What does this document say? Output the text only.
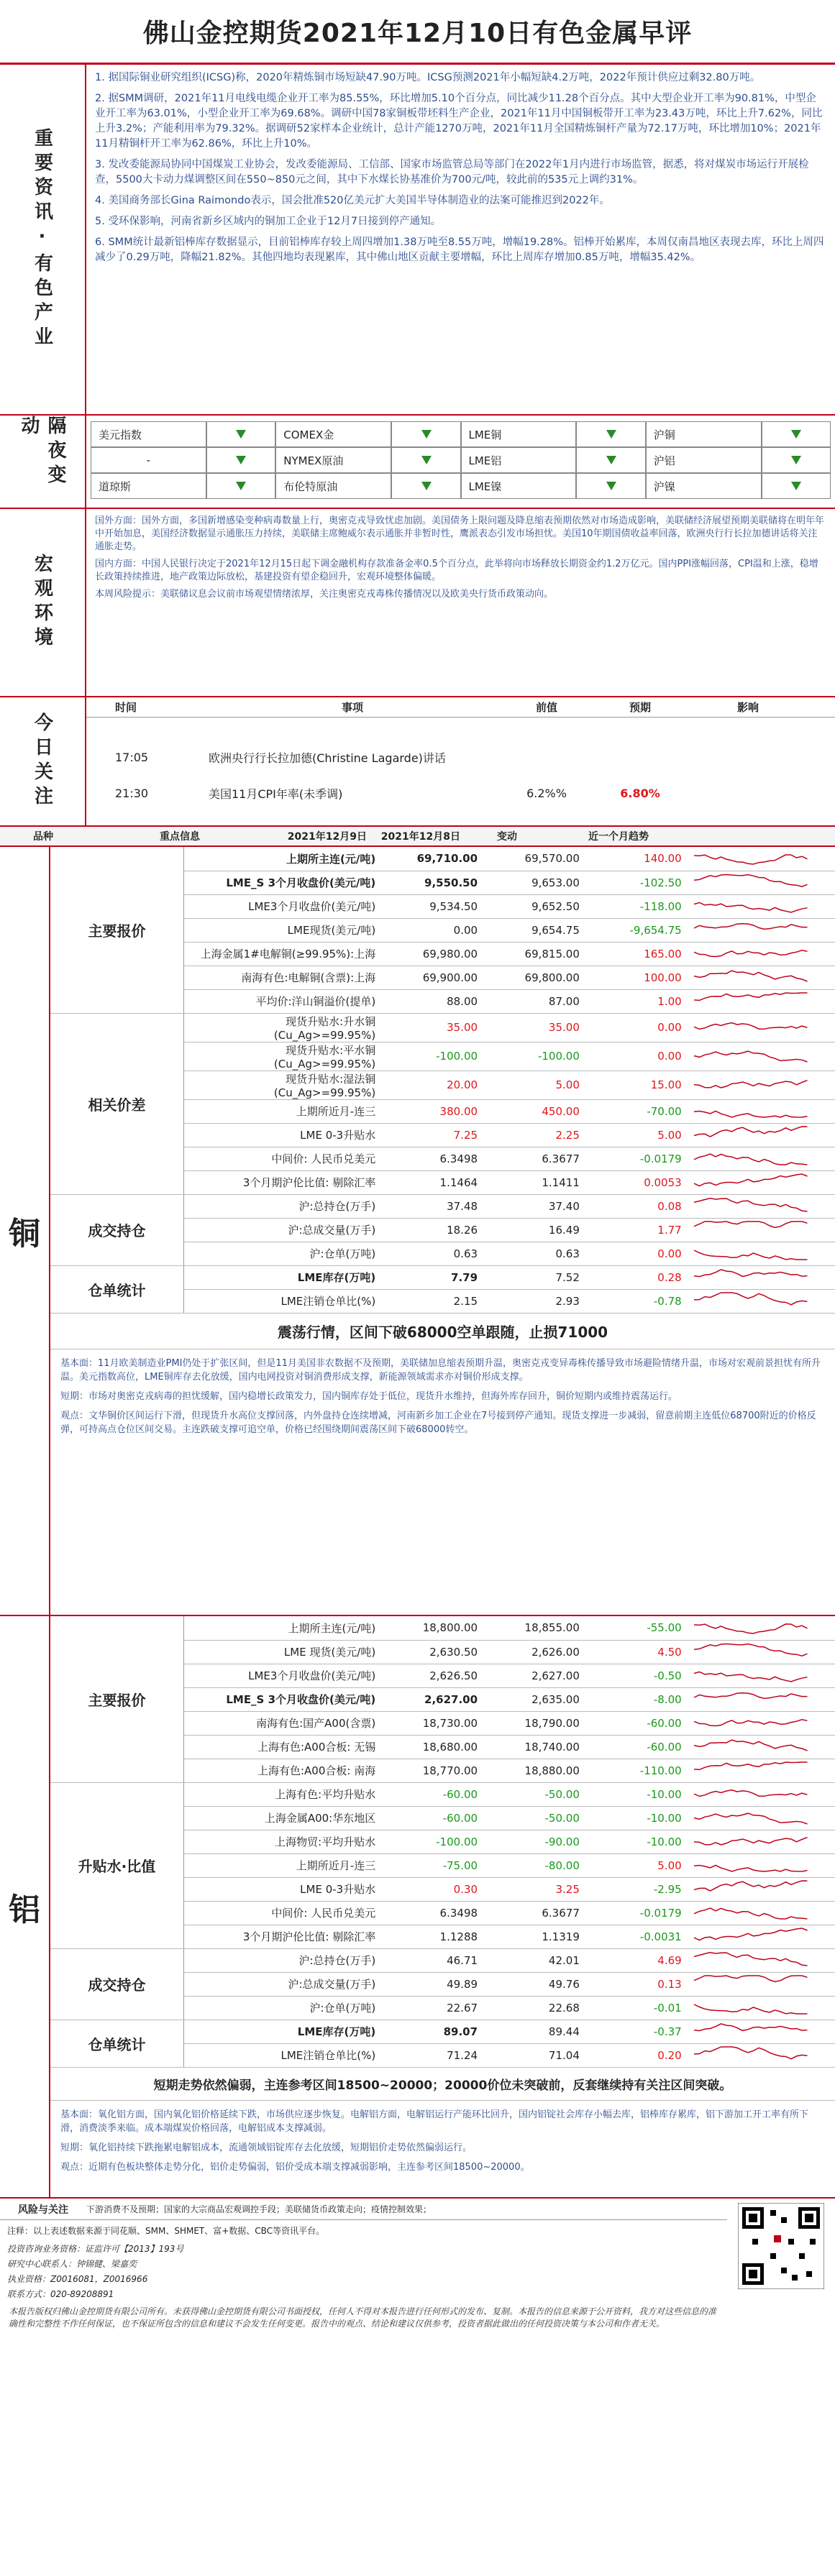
佛山金控期货2021年12月10日有色金属早评
重要资讯·有色产业

1. 据国际铜业研究组织(ICSG)称，2020年精炼铜市场短缺47.90万吨。ICSG预测2021年小幅短缺4.2万吨，2022年预计供应过剩32.80万吨。

2. 据SMM调研，2021年11月电线电缆企业开工率为85.55%，环比增加5.10个百分点，同比减少11.28个百分点。其中大型企业开工率为90.81%，中型企业开工率为63.01%，小型企业开工率为69.68%。调研中国78家铜板带坯料生产企业，2021年11月中国铜板带开工率为23.43万吨，环比上升7.62%，同比上升3.2%；产能利用率为79.32%。据调研52家样本企业统计，总计产能1270万吨，2021年11月全国精炼铜杆产量为72.17万吨，环比增加10%；2021年11月精铜杆开工率为62.86%，环比上升10%。

3. 发改委能源局协同中国煤炭工业协会，发改委能源局、工信部、国家市场监管总局等部门在2022年1月内进行市场监管，据悉，将对煤炭市场运行开展检查，5500大卡动力煤调整区间在550~850元之间，其中下水煤长协基准价为700元/吨，较此前的535元上调约31%。

4. 美国商务部长Gina Raimondo表示，国会批准520亿美元扩大美国半导体制造业的法案可能推迟到2022年。

5. 受环保影响，河南省新乡区域内的铜加工企业于12月7日接到停产通知。

6. SMM统计最新铝棒库存数据显示，目前铝棒库存较上周四增加1.38万吨至8.55万吨，增幅19.28%。铝棒开始累库，本周仅南昌地区表现去库，环比上周四减少了0.29万吨，降幅21.82%。其他四地均表现累库，其中佛山地区贡献主要增幅，环比上周库存增加0.85万吨，增幅35.42%。

隔夜变动	美元指数	COMEX金	LME铜	沪铜
-	NYMEX原油	LME铝	沪铝
道琼斯	布伦特原油	LME镍	沪镍
宏观环境

国外方面：国外方面，多国新增感染变种病毒数量上行，奥密克戎导致忧虑加剧。美国债务上限问题及降息缩表预期依然对市场造成影响，美联储经济展望预期美联储将在明年年中开始加息，美国经济数据显示通胀压力持续，美联储主席鲍威尔表示通胀并非暂时性，鹰派表态引发市场担忧。美国10年期国债收益率回落，欧洲央行行长拉加德讲话将关注通胀走势。

国内方面：中国人民银行决定于2021年12月15日起下调金融机构存款准备金率0.5个百分点，此举将向市场释放长期资金约1.2万亿元。国内PPI涨幅回落，CPI温和上涨，稳增长政策持续推进，地产政策边际放松，基建投资有望企稳回升，宏观环境整体偏暖。

本周风险提示：美联储议息会议前市场观望情绪浓厚，关注奥密克戎毒株传播情况以及欧美央行货币政策动向。

今日关注
时间	事项	前值	预期	影响
17:05	欧洲央行行长拉加德(Christine Lagarde)讲话
21:30	美国11月CPI年率(未季调)	6.2%%	6.80%
品种	重点信息	2021年12月9日	2021年12月8日	变动	近一个月趋势
铜
主要报价	上期所主连(元/吨)	69,710.00	69,570.00	140.00	
	LME_S 3个月收盘价(美元/吨)	9,550.50	9,653.00	-102.50	
	LME3个月收盘价(美元/吨)	9,534.50	9,652.50	-118.00	
	LME现货(美元/吨)	0.00	9,654.75	-9,654.75	
	上海金属1#电解铜(≥99.95%):上海	69,980.00	69,815.00	165.00	
	南海有色:电解铜(含票):上海	69,900.00	69,800.00	100.00	
	平均价:洋山铜溢价(提单)	88.00	87.00	1.00	
相关价差	现货升贴水:升水铜(Cu_Ag>=99.95%)	35.00	35.00	0.00	
	现货升贴水:平水铜(Cu_Ag>=99.95%)	-100.00	-100.00	0.00	
	现货升贴水:湿法铜(Cu_Ag>=99.95%)	20.00	5.00	15.00	
	上期所近月-连三	380.00	450.00	-70.00	
	LME 0-3升贴水	7.25	2.25	5.00	
	中间价: 人民币兑美元	6.3498	6.3677	-0.0179	
	3个月期沪伦比值: 剔除汇率	1.1464	1.1411	0.0053	
成交持仓	沪:总持仓(万手)	37.48	37.40	0.08	
	沪:总成交量(万手)	18.26	16.49	1.77	
	沪:仓单(万吨)	0.63	0.63	0.00	
仓单统计	LME库存(万吨)	7.79	7.52	0.28	
	LME注销仓单比(%)	2.15	2.93	-0.78	
震荡行情，区间下破68000空单跟随，止损71000

基本面：11月欧美制造业PMI仍处于扩张区间，但是11月美国非农数据不及预期，美联储加息缩表预期升温，奥密克戎变异毒株传播导致市场避险情绪升温，市场对宏观前景担忧有所升温。美元指数高位，LME铜库存去化放缓，国内电网投资对铜消费形成支撑，新能源领域需求亦对铜价形成支撑。

短期：市场对奥密克戎病毒的担忧缓解，国内稳增长政策发力，国内铜库存处于低位，现货升水维持，但海外库存回升，铜价短期内或维持震荡运行。

观点：文华铜价区间运行下滑，但现货升水高位支撑回落，内外盘持仓连续增减，河南新乡加工企业在7号接到停产通知。现货支撑进一步减弱，留意前期主连低位68700附近的价格反弹，可持高点仓位区间交易。主连跌破支撑可追空单，价格已经围绕期间震荡区间下破68000转空。

铝
主要报价	上期所主连(元/吨)	18,800.00	18,855.00	-55.00	
	LME 现货(美元/吨)	2,630.50	2,626.00	4.50	
	LME3个月收盘价(美元/吨)	2,626.50	2,627.00	-0.50	
	LME_S 3个月收盘价(美元/吨)	2,627.00	2,635.00	-8.00	
	南海有色:国产A00(含票)	18,730.00	18,790.00	-60.00	
	上海有色:A00合板: 无锡	18,680.00	18,740.00	-60.00	
	上海有色:A00合板: 南海	18,770.00	18,880.00	-110.00	
升贴水·比值	上海有色:平均升贴水	-60.00	-50.00	-10.00	
	上海金属A00:华东地区	-60.00	-50.00	-10.00	
	上海物贸:平均升贴水	-100.00	-90.00	-10.00	
	上期所近月-连三	-75.00	-80.00	5.00	
	LME 0-3升贴水	0.30	3.25	-2.95	
	中间价: 人民币兑美元	6.3498	6.3677	-0.0179	
	3个月期沪伦比值: 剔除汇率	1.1288	1.1319	-0.0031	
成交持仓	沪:总持仓(万手)	46.71	42.01	4.69	
	沪:总成交量(万手)	49.89	49.76	0.13	
	沪:仓单(万吨)	22.67	22.68	-0.01	
仓单统计	LME库存(万吨)	89.07	89.44	-0.37	
	LME注销仓单比(%)	71.24	71.04	0.20	
短期走势依然偏弱，主连参考区间18500~20000；20000价位未突破前，反套继续持有关注区间突破。

基本面：氧化铝方面，国内氧化铝价格延续下跌，市场供应逐步恢复。电解铝方面，电解铝运行产能环比回升，国内铝锭社会库存小幅去库，铝棒库存累库，铝下游加工开工率有所下滑，消费淡季来临。成本端煤炭价格回落，电解铝成本支撑减弱。

短期：氧化铝持续下跌拖累电解铝成本，流通领域铝锭库存去化放缓，短期铝价走势依然偏弱运行。

观点：近期有色板块整体走势分化，铝价走势偏弱，铝价受成本端支撑减弱影响，主连参考区间18500~20000。

风险与关注	下游消费不及预期；国家的大宗商品宏观调控手段；美联储货币政策走向；疫情控制效果；
注释：以上表述数据来源于同花顺、SMM、SHMET、富+数据、CBC等资讯平台。
投资咨询业务资格：证监许可【2013】193号
研究中心联系人：钟锦健、梁嘉奕
执业资格：Z0016081，Z0016966
联系方式：020-89208891
本报告版权归佛山金控期货有限公司所有。未获得佛山金控期货有限公司书面授权，任何人不得对本报告进行任何形式的发布、复制。本报告的信息来源于公开资料，我方对这些信息的准确性和完整性不作任何保证，也不保证所包含的信息和建议不会发生任何变更。报告中的观点、结论和建议仅供参考，投资者据此做出的任何投资决策与本公司和作者无关。
